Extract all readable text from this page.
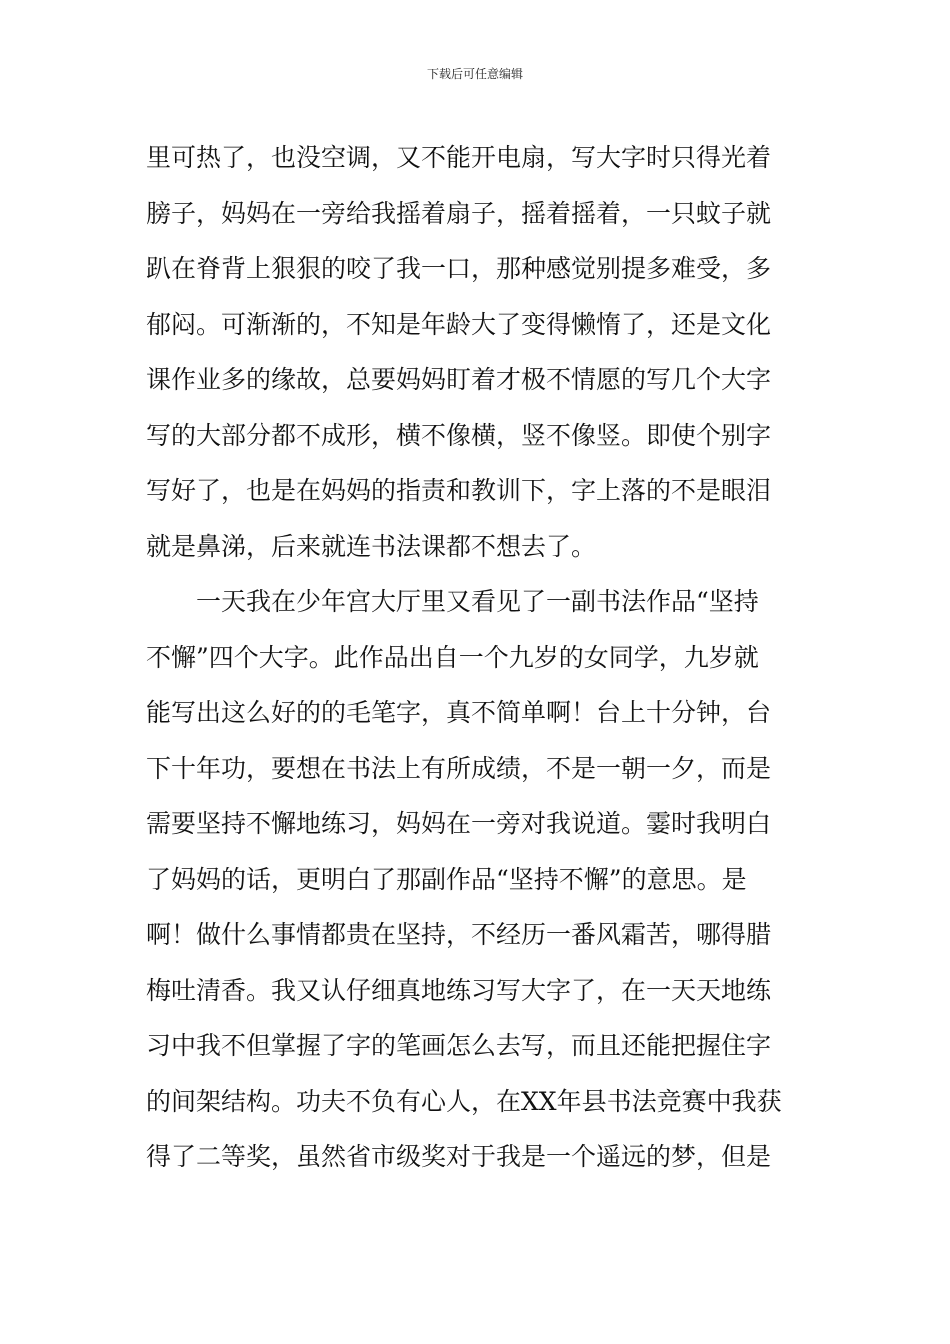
下载后可任意编辑
里可热了，也没空调，又不能开电扇，写大字时只得光着
膀子，妈妈在一旁给我摇着扇子，摇着摇着，一只蚊子就
趴在脊背上狠狠的咬了我一口，那种感觉别提多难受，多
郁闷。可渐渐的，不知是年龄大了变得懒惰了，还是文化
课作业多的缘故，总要妈妈盯着才极不情愿的写几个大字
写的大部分都不成形，横不像横，竖不像竖。即使个别字
写好了，也是在妈妈的指责和教训下，字上落的不是眼泪
就是鼻涕，后来就连书法课都不想去了。
一天我在少年宫大厅里又看见了一副书法作品“坚持
不懈”四个大字。此作品出自一个九岁的女同学，九岁就
能写出这么好的的毛笔字，真不简单啊！台上十分钟，台
下十年功，要想在书法上有所成绩，不是一朝一夕，而是
需要坚持不懈地练习，妈妈在一旁对我说道。霎时我明白
了妈妈的话，更明白了那副作品“坚持不懈”的意思。是
啊！做什么事情都贵在坚持，不经历一番风霜苦，哪得腊
梅吐清香。我又认仔细真地练习写大字了，在一天天地练
习中我不但掌握了字的笔画怎么去写，而且还能把握住字
的间架结构。功夫不负有心人，在XX年县书法竞赛中我获
得了二等奖，虽然省市级奖对于我是一个遥远的梦，但是
